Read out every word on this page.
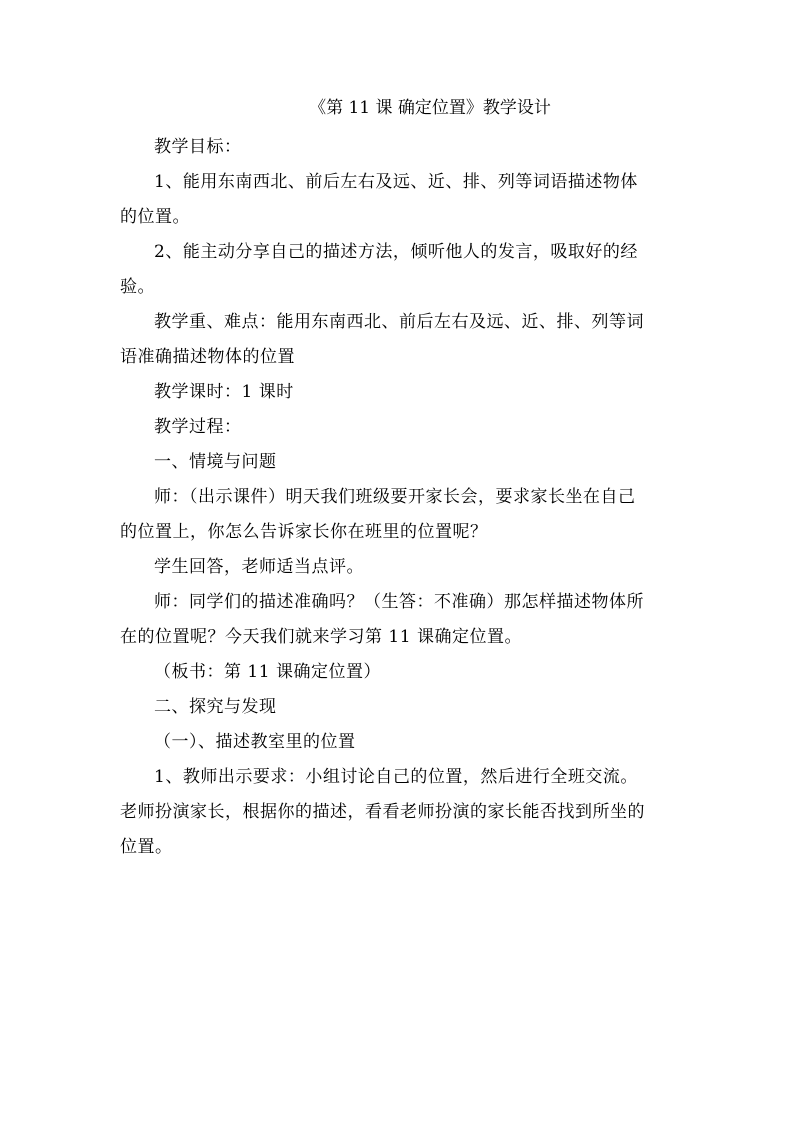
《第 11 课 确定位置》教学设计

教学目标：

1、能用东南西北、前后左右及远、近、排、列等词语描述物体

的位置。

2、能主动分享自己的描述方法，倾听他人的发言，吸取好的经

验。

教学重、难点：能用东南西北、前后左右及远、近、排、列等词

语准确描述物体的位置

教学课时：1 课时

教学过程：

一、情境与问题

师：（出示课件）明天我们班级要开家长会，要求家长坐在自己

的位置上，你怎么告诉家长你在班里的位置呢？

学生回答，老师适当点评。

师：同学们的描述准确吗？（生答：不准确）那怎样描述物体所

在的位置呢？今天我们就来学习第 11 课确定位置。

（板书：第 11 课确定位置）

二、探究与发现

（一）、描述教室里的位置

1、教师出示要求：小组讨论自己的位置，然后进行全班交流。

老师扮演家长，根据你的描述，看看老师扮演的家长能否找到所坐的

位置。
